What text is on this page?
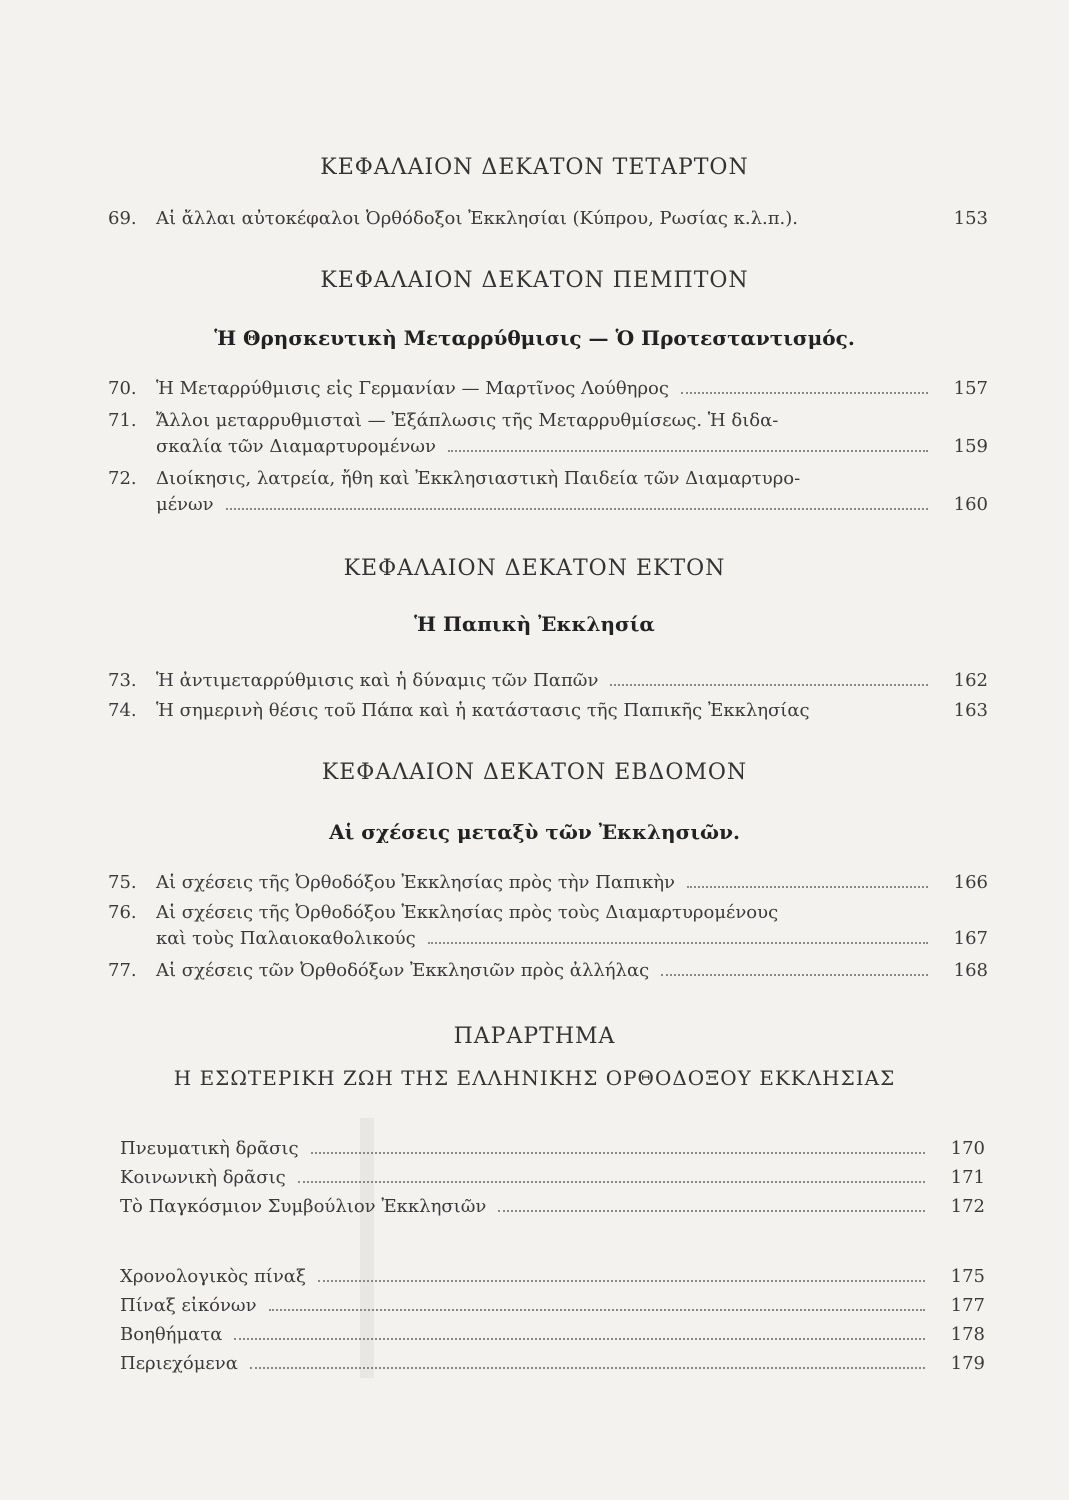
ΚΕΦΑΛΑΙΟΝ ΔΕΚΑΤΟΝ ΤΕΤΑΡΤΟΝ
69.	Αἱ ἄλλαι αὐτοκέφαλοι Ὀρθόδοξοι Ἐκκλησίαι (Κύπρου, Ρωσίας κ.λ.π.).	153
ΚΕΦΑΛΑΙΟΝ ΔΕΚΑΤΟΝ ΠΕΜΠΤΟΝ
Ἡ Θρησκευτικὴ Μεταρρύθμισις — Ὁ Προτεσταντισμός.
70.	Ἡ Μεταρρύθμισις εἰς Γερμανίαν — Μαρτῖνος Λούθηρος	157
71.	Ἄλλοι μεταρρυθμισταὶ — Ἐξάπλωσις τῆς Μεταρρυθμίσεως. Ἡ διδα-
σκαλία τῶν Διαμαρτυρομένων	159
72.	Διοίκησις, λατρεία, ἤθη καὶ Ἐκκλησιαστικὴ Παιδεία τῶν Διαμαρτυρο-
μένων	160
ΚΕΦΑΛΑΙΟΝ ΔΕΚΑΤΟΝ ΕΚΤΟΝ
Ἡ Παπικὴ Ἐκκλησία
73.	Ἡ ἀντιμεταρρύθμισις καὶ ἡ δύναμις τῶν Παπῶν	162
74.	Ἡ σημερινὴ θέσις τοῦ Πάπα καὶ ἡ κατάστασις τῆς Παπικῆς Ἐκκλησίας	163
ΚΕΦΑΛΑΙΟΝ ΔΕΚΑΤΟΝ ΕΒΔΟΜΟΝ
Αἱ σχέσεις μεταξὺ τῶν Ἐκκλησιῶν.
75.	Αἱ σχέσεις τῆς Ὀρθοδόξου Ἐκκλησίας πρὸς τὴν Παπικὴν	166
76.	Αἱ σχέσεις τῆς Ὀρθοδόξου Ἐκκλησίας πρὸς τοὺς Διαμαρτυρομένους
καὶ τοὺς Παλαιοκαθολικούς	167
77.	Αἱ σχέσεις τῶν Ὀρθοδόξων Ἐκκλησιῶν πρὸς ἀλλήλας	168
ΠΑΡΑΡΤΗΜΑ
Η ΕΣΩΤΕΡΙΚΗ ΖΩΗ ΤΗΣ ΕΛΛΗΝΙΚΗΣ ΟΡΘΟΔΟΞΟΥ ΕΚΚΛΗΣΙΑΣ
Πνευματικὴ δρᾶσις	170
Κοινωνικὴ δρᾶσις	171
Τὸ Παγκόσμιον Συμβούλιον Ἐκκλησιῶν	172
Χρονολογικὸς πίναξ	175
Πίναξ εἰκόνων	177
Βοηθήματα	178
Περιεχόμενα	179
